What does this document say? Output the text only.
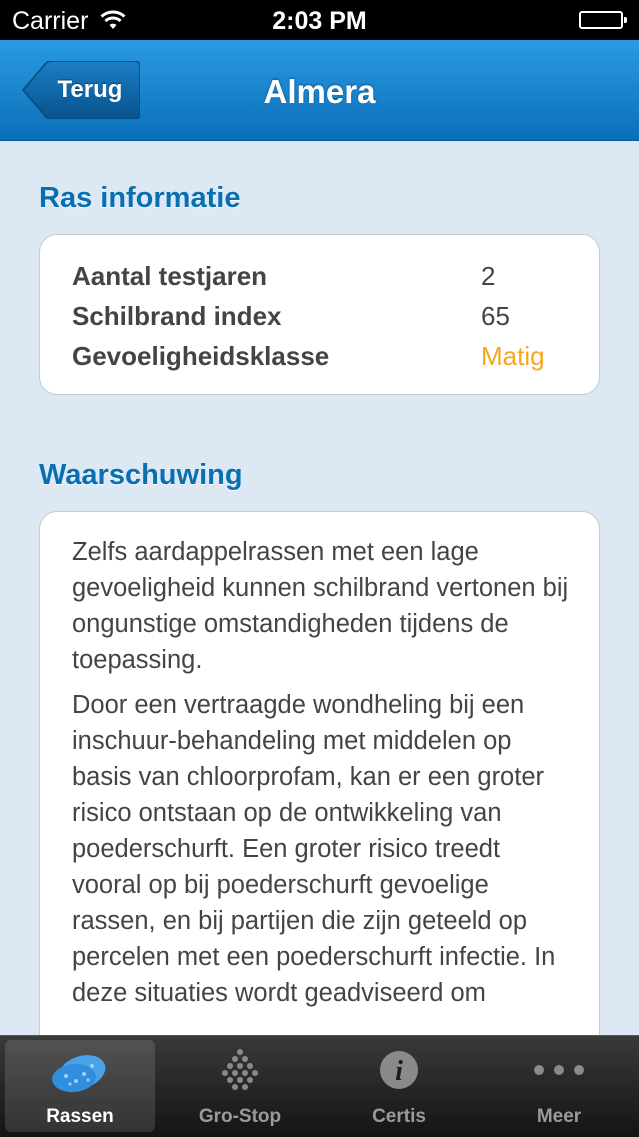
Carrier	2:03 PM
Terug	Almera
Ras informatie
Aantal testjaren	2
Schilbrand index	65
Gevoeligheidsklasse	Matig
Waarschuwing

Zelfs aardappelrassen met een lage gevoeligheid kunnen schilbrand vertonen bij ongunstige omstandigheden tijdens de toepassing.

Door een vertraagde wondheling bij een inschuur-behandeling met middelen op basis van chloorprofam, kan er een groter risico ontstaan op de ontwikkeling van poederschurft. Een groter risico treedt vooral op bij poederschurft gevoelige rassen, en bij partijen die zijn geteeld op percelen met een poederschurft infectie. In deze situaties wordt geadviseerd om

Rassen	Gro-Stop
i
Certis	Meer
